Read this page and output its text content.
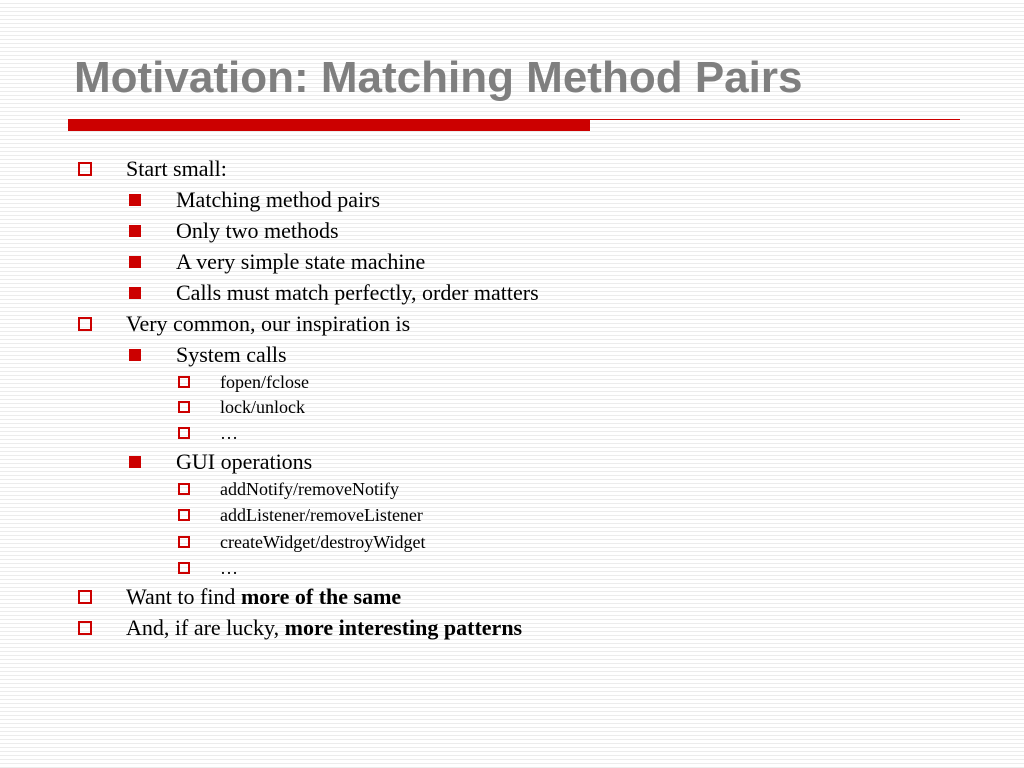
Motivation: Matching Method Pairs
Start small:
Matching method pairs
Only two methods
A very simple state machine
Calls must match perfectly, order matters
Very common, our inspiration is
System calls
fopen/fclose
lock/unlock
…
GUI operations
addNotify/removeNotify
addListener/removeListener
createWidget/destroyWidget
…
Want to find more of the same
And, if are lucky, more interesting patterns
